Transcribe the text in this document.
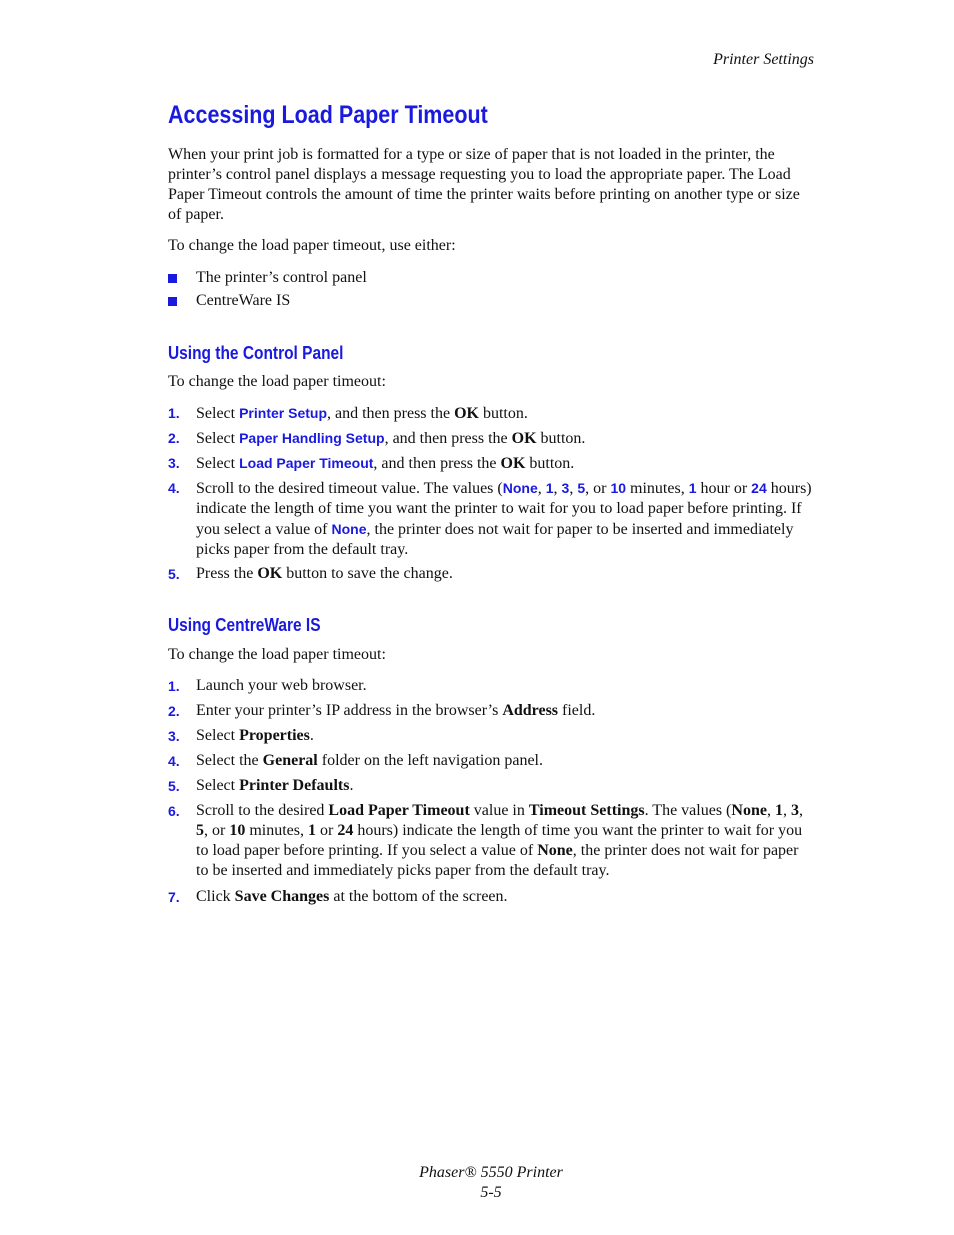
Printer Settings
Accessing Load Paper Timeout

When your print job is formatted for a type or size of paper that is not loaded in the printer, the printer’s control panel displays a message requesting you to load the appropriate paper. The Load Paper Timeout controls the amount of time the printer waits before printing on another type or size of paper.

To change the load paper timeout, use either:

The printer’s control panel
CentreWare IS
Using the Control Panel

To change the load paper timeout:

1. Select Printer Setup, and then press the OK button.
2. Select Paper Handling Setup, and then press the OK button.
3. Select Load Paper Timeout, and then press the OK button.
4. Scroll to the desired timeout value. The values (None, 1, 3, 5, or 10 minutes, 1 hour or 24 hours) indicate the length of time you want the printer to wait for you to load paper before printing. If you select a value of None, the printer does not wait for paper to be inserted and immediately picks paper from the default tray.
5. Press the OK button to save the change.
Using CentreWare IS

To change the load paper timeout:

1. Launch your web browser.
2. Enter your printer’s IP address in the browser’s Address field.
3. Select Properties.
4. Select the General folder on the left navigation panel.
5. Select Printer Defaults.
6. Scroll to the desired Load Paper Timeout value in Timeout Settings. The values (None, 1, 3, 5, or 10 minutes, 1 or 24 hours) indicate the length of time you want the printer to wait for you to load paper before printing. If you select a value of None, the printer does not wait for paper to be inserted and immediately picks paper from the default tray.
7. Click Save Changes at the bottom of the screen.
Phaser® 5550 Printer
5-5
